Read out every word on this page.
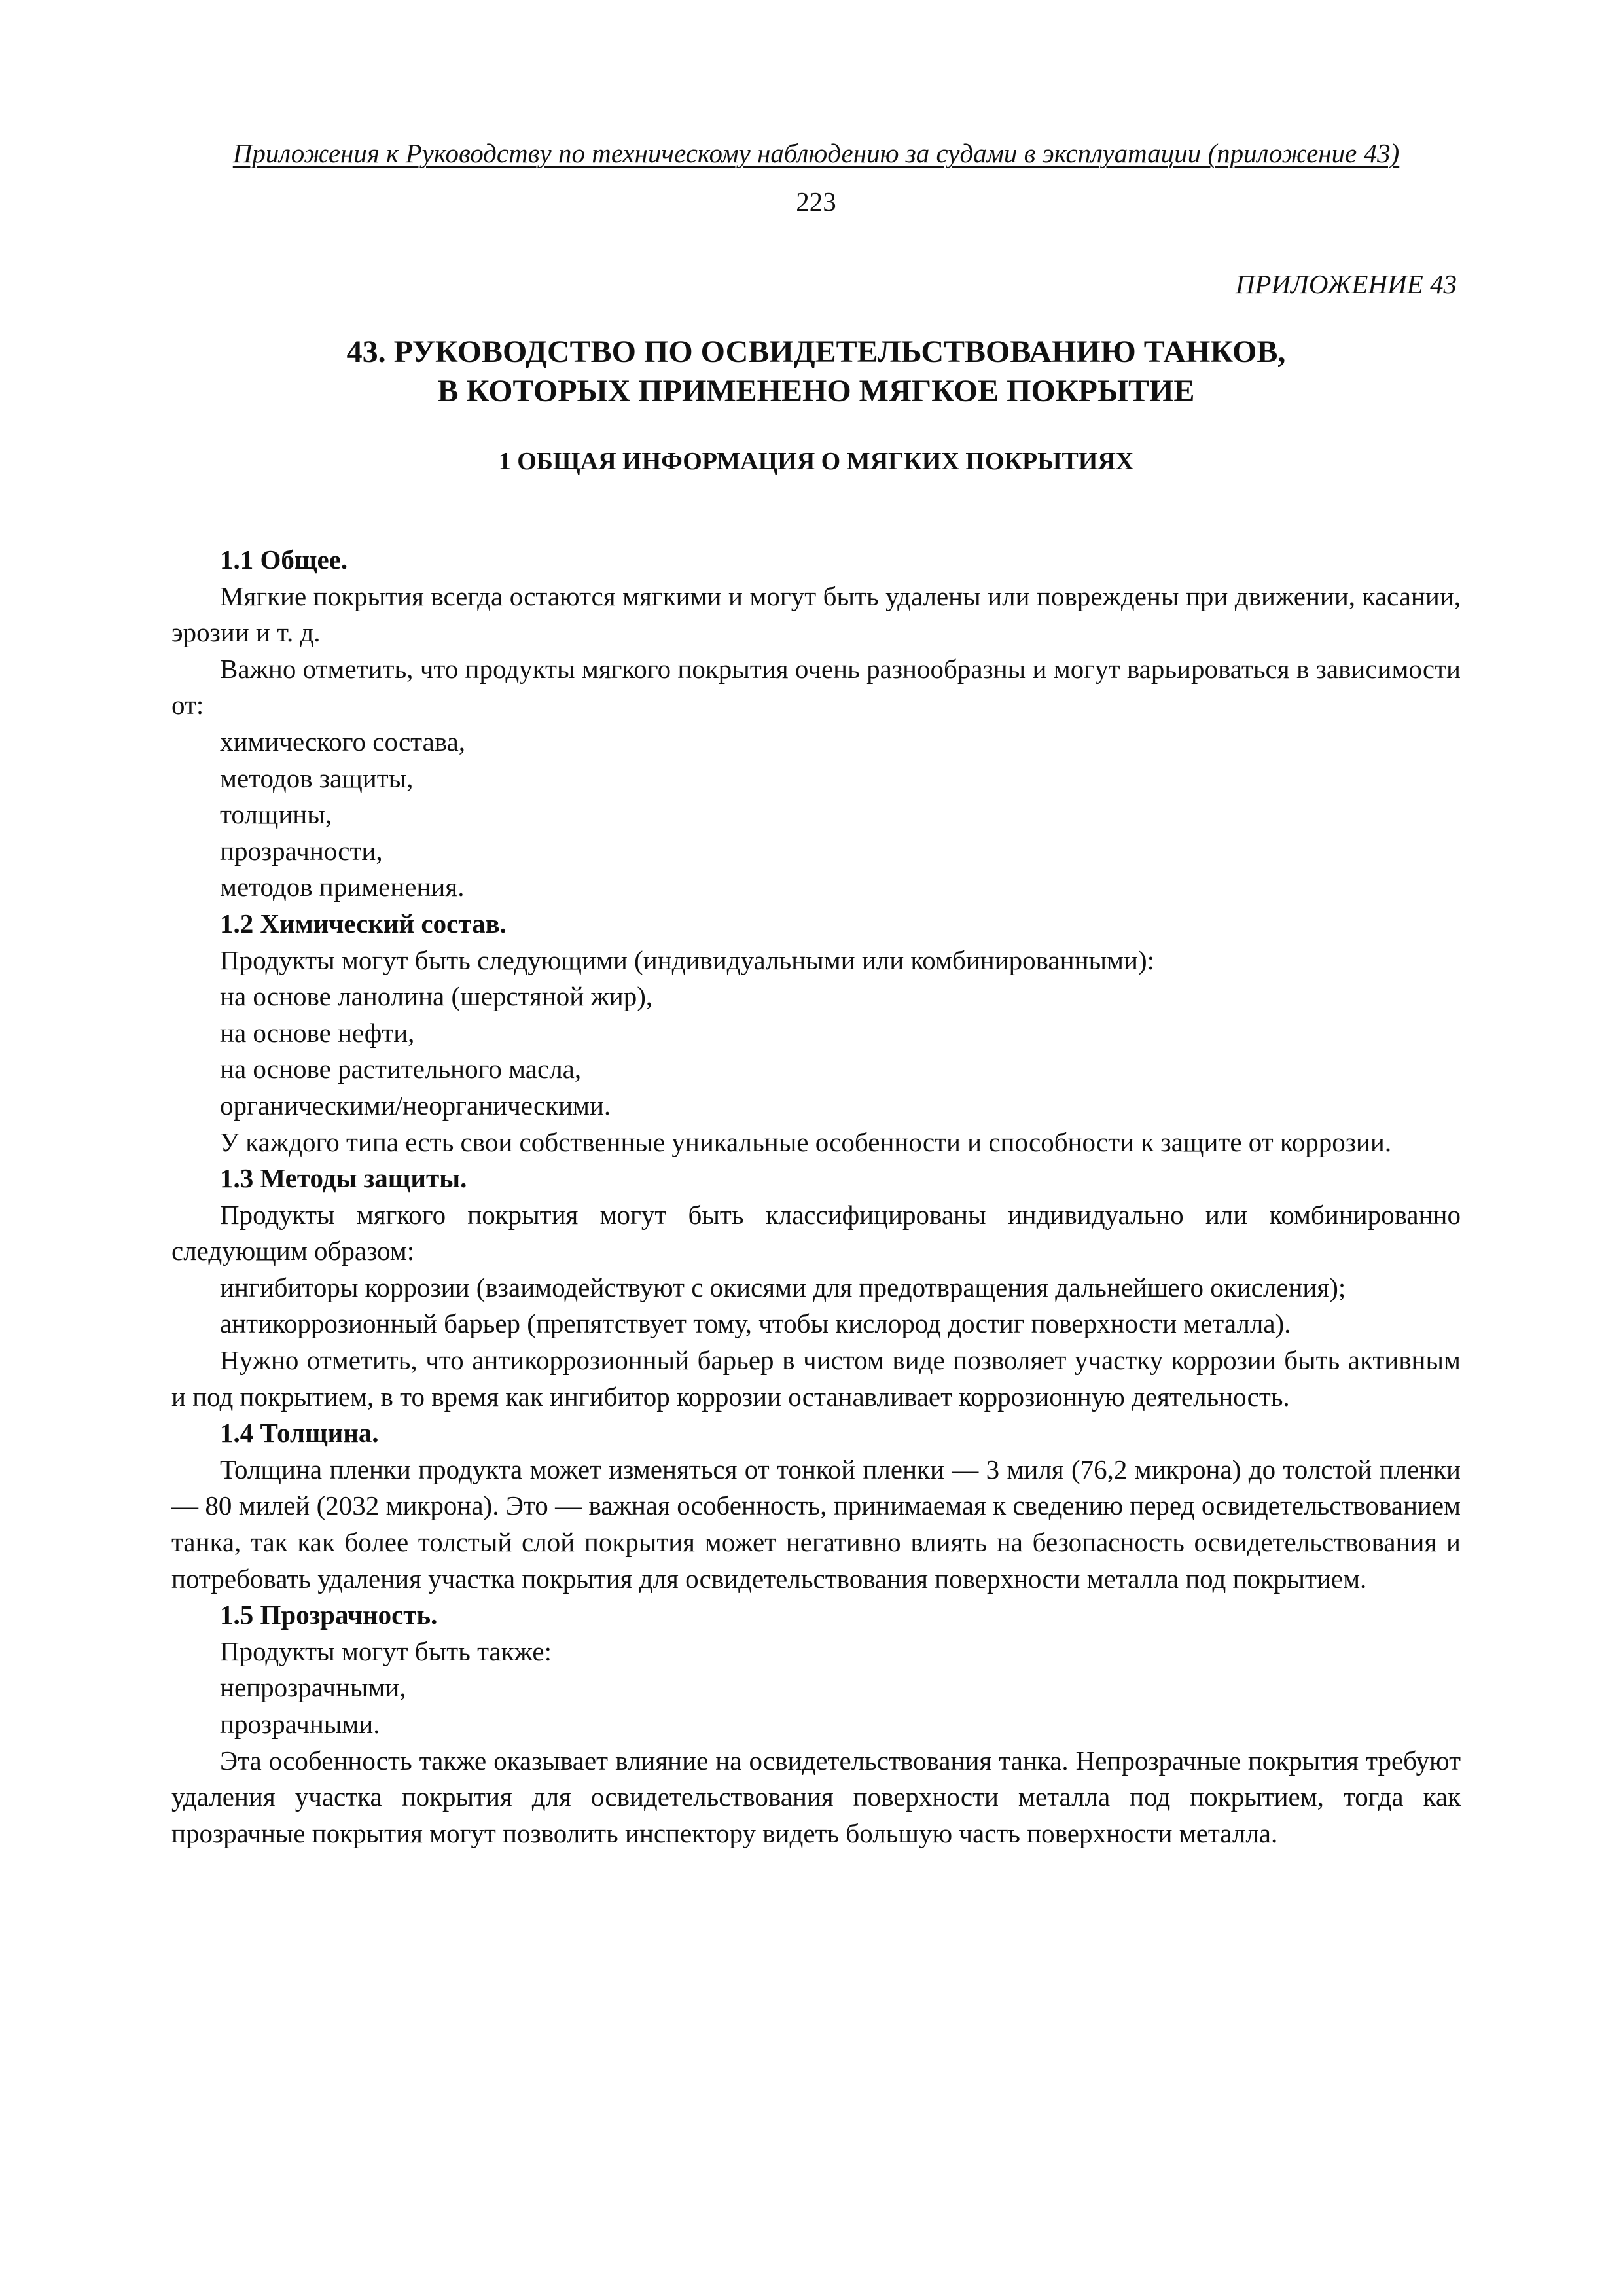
Приложения к Руководству по техническому наблюдению за судами в эксплуатации (приложение 43)
223
ПРИЛОЖЕНИЕ 43
43. РУКОВОДСТВО ПО ОСВИДЕТЕЛЬСТВОВАНИЮ ТАНКОВ,
В КОТОРЫХ ПРИМЕНЕНО МЯГКОЕ ПОКРЫТИЕ
1 ОБЩАЯ ИНФОРМАЦИЯ О МЯГКИХ ПОКРЫТИЯХ

1.1 Общее.

Мягкие покрытия всегда остаются мягкими и могут быть удалены или повреждены при движении, касании, эрозии и т. д.

Важно отметить, что продукты мягкого покрытия очень разнообразны и могут варьироваться в зависимости от:

химического состава,

методов защиты,

толщины,

прозрачности,

методов применения.

1.2 Химический состав.

Продукты могут быть следующими (индивидуальными или комбинированными):

на основе ланолина (шерстяной жир),

на основе нефти,

на основе растительного масла,

органическими/неорганическими.

У каждого типа есть свои собственные уникальные особенности и способности к защите от коррозии.

1.3 Методы защиты.

Продукты мягкого покрытия могут быть классифицированы индивидуально или комбинированно следующим образом:

ингибиторы коррозии (взаимодействуют с окисями для предотвращения дальнейшего окисления);

антикоррозионный барьер (препятствует тому, чтобы кислород достиг поверхности металла).

Нужно отметить, что антикоррозионный барьер в чистом виде позволяет участку коррозии быть активным и под покрытием, в то время как ингибитор коррозии останавливает коррозионную деятельность.

1.4 Толщина.

Толщина пленки продукта может изменяться от тонкой пленки — 3 миля (76,2 микрона) до толстой пленки — 80 милей (2032 микрона). Это — важная особенность, принимаемая к сведению перед освидетельствованием танка, так как более толстый слой покрытия может негативно влиять на безопасность освидетельствования и потребовать удаления участка покрытия для освидетельствования поверхности металла под покрытием.

1.5 Прозрачность.

Продукты могут быть также:

непрозрачными,

прозрачными.

Эта особенность также оказывает влияние на освидетельствования танка. Непрозрачные покрытия требуют удаления участка покрытия для освидетельствования поверхности металла под покрытием, тогда как прозрачные покрытия могут позволить инспектору видеть большую часть поверхности металла.
